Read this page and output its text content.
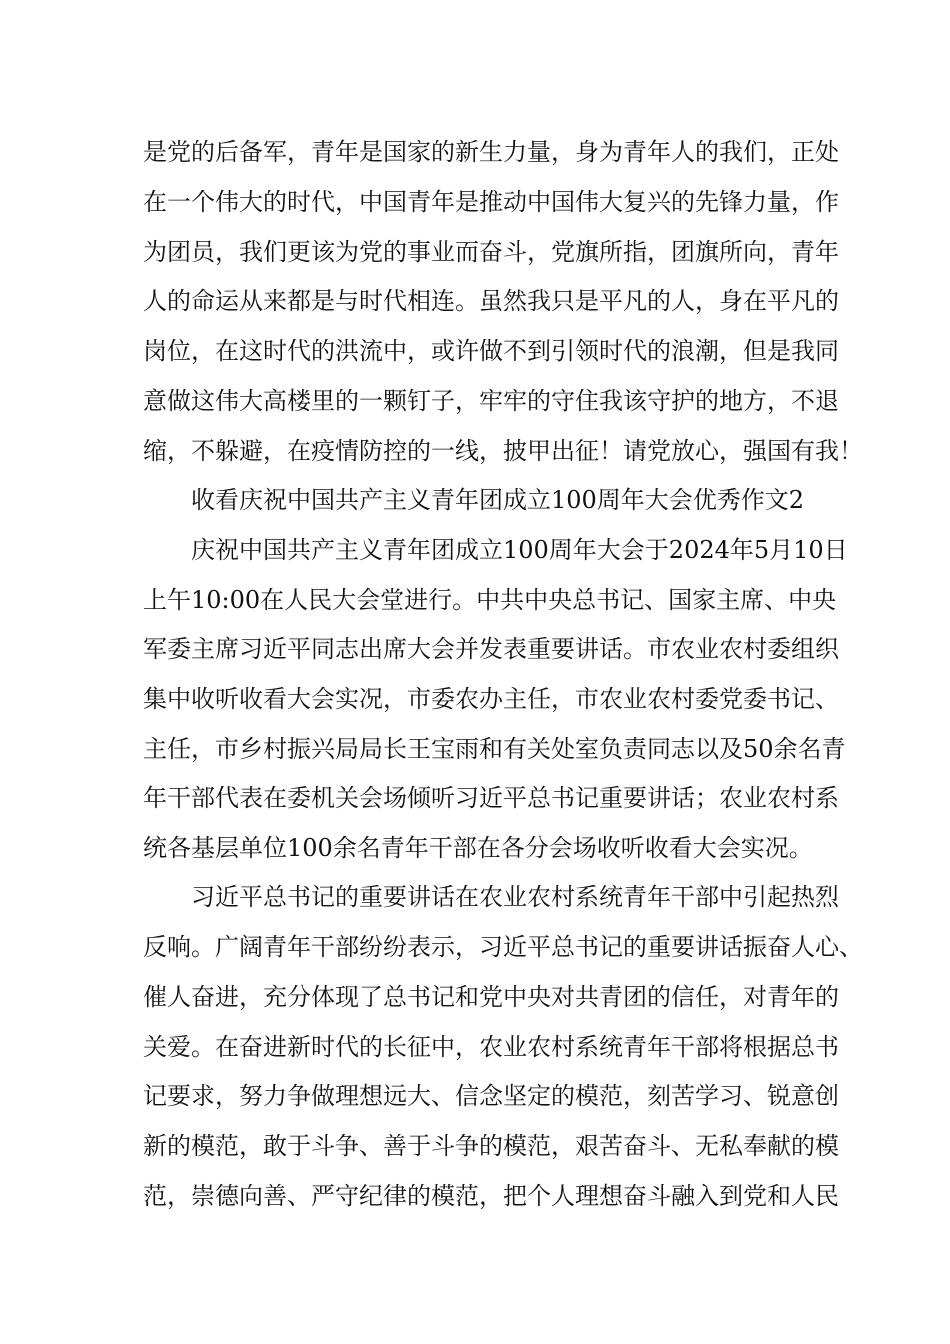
是党的后备军，青年是国家的新生力量，身为青年人的我们，正处
在一个伟大的时代，中国青年是推动中国伟大复兴的先锋力量，作
为团员，我们更该为党的事业而奋斗，党旗所指，团旗所向，青年
人的命运从来都是与时代相连。虽然我只是平凡的人，身在平凡的
岗位，在这时代的洪流中，或许做不到引领时代的浪潮，但是我同
意做这伟大高楼里的一颗钉子，牢牢的守住我该守护的地方，不退
缩，不躲避，在疫情防控的一线，披甲出征！请党放心，强国有我！
收看庆祝中国共产主义青年团成立100周年大会优秀作文2
庆祝中国共产主义青年团成立100周年大会于2024年5月10日
上午10:00在人民大会堂进行。中共中央总书记、国家主席、中央
军委主席习近平同志出席大会并发表重要讲话。市农业农村委组织
集中收听收看大会实况，市委农办主任，市农业农村委党委书记、
主任，市乡村振兴局局长王宝雨和有关处室负责同志以及50余名青
年干部代表在委机关会场倾听习近平总书记重要讲话；农业农村系
统各基层单位100余名青年干部在各分会场收听收看大会实况。
习近平总书记的重要讲话在农业农村系统青年干部中引起热烈
反响。广阔青年干部纷纷表示，习近平总书记的重要讲话振奋人心、
催人奋进，充分体现了总书记和党中央对共青团的信任，对青年的
关爱。在奋进新时代的长征中，农业农村系统青年干部将根据总书
记要求，努力争做理想远大、信念坚定的模范，刻苦学习、锐意创
新的模范，敢于斗争、善于斗争的模范，艰苦奋斗、无私奉献的模
范，崇德向善、严守纪律的模范，把个人理想奋斗融入到党和人民
